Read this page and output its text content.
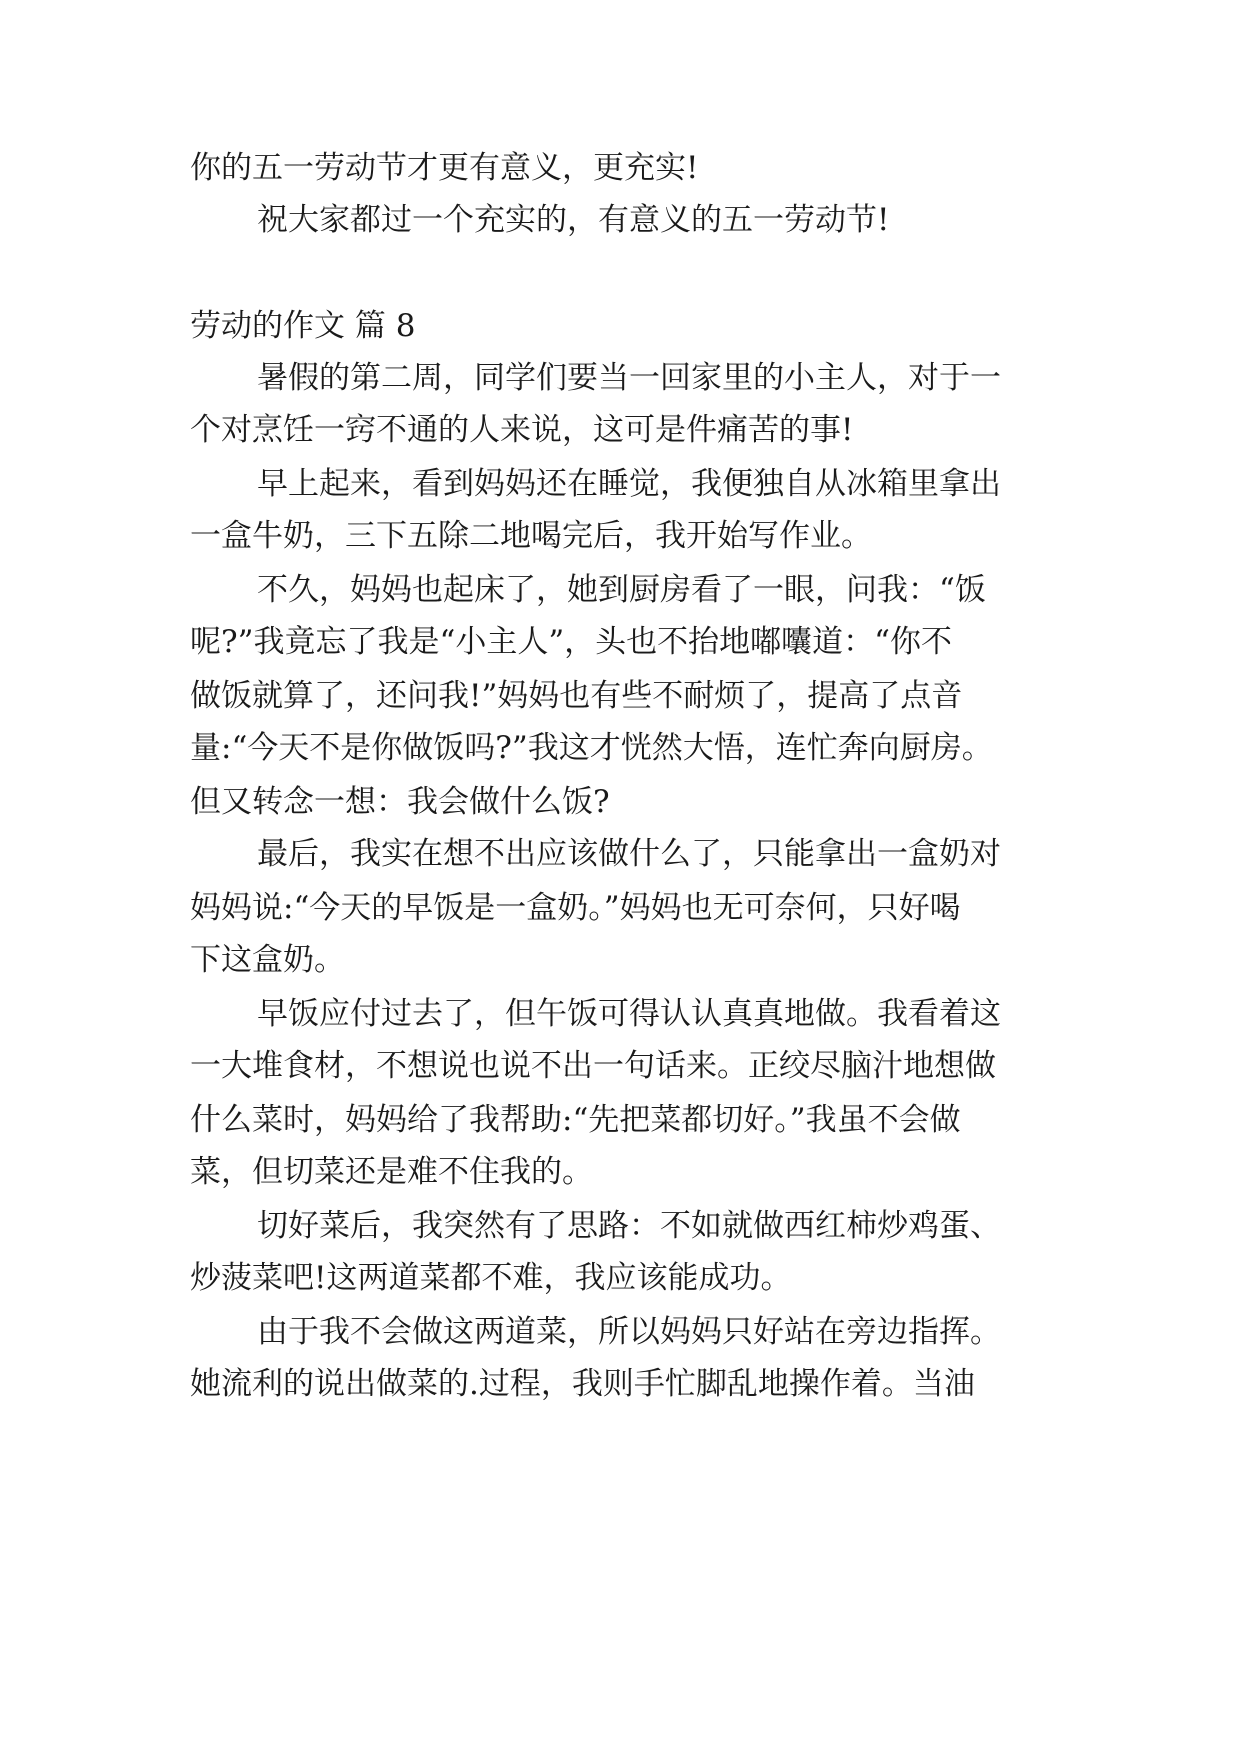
你的五一劳动节才更有意义，更充实!
祝大家都过一个充实的，有意义的五一劳动节!
劳动的作文 篇 8
暑假的第二周，同学们要当一回家里的小主人，对于一
个对烹饪一窍不通的人来说，这可是件痛苦的事!
早上起来，看到妈妈还在睡觉，我便独自从冰箱里拿出
一盒牛奶，三下五除二地喝完后，我开始写作业。
不久，妈妈也起床了，她到厨房看了一眼，问我：“饭
呢?”我竟忘了我是“小主人”，头也不抬地嘟囔道：“你不
做饭就算了，还问我!”妈妈也有些不耐烦了，提高了点音
量:“今天不是你做饭吗?”我这才恍然大悟，连忙奔向厨房。
但又转念一想：我会做什么饭?
最后，我实在想不出应该做什么了，只能拿出一盒奶对
妈妈说:“今天的早饭是一盒奶。”妈妈也无可奈何，只好喝
下这盒奶。
早饭应付过去了，但午饭可得认认真真地做。我看着这
一大堆食材，不想说也说不出一句话来。正绞尽脑汁地想做
什么菜时，妈妈给了我帮助:“先把菜都切好。”我虽不会做
菜，但切菜还是难不住我的。
切好菜后，我突然有了思路：不如就做西红柿炒鸡蛋、
炒菠菜吧!这两道菜都不难，我应该能成功。
由于我不会做这两道菜，所以妈妈只好站在旁边指挥。
她流利的说出做菜的.过程，我则手忙脚乱地操作着。当油
